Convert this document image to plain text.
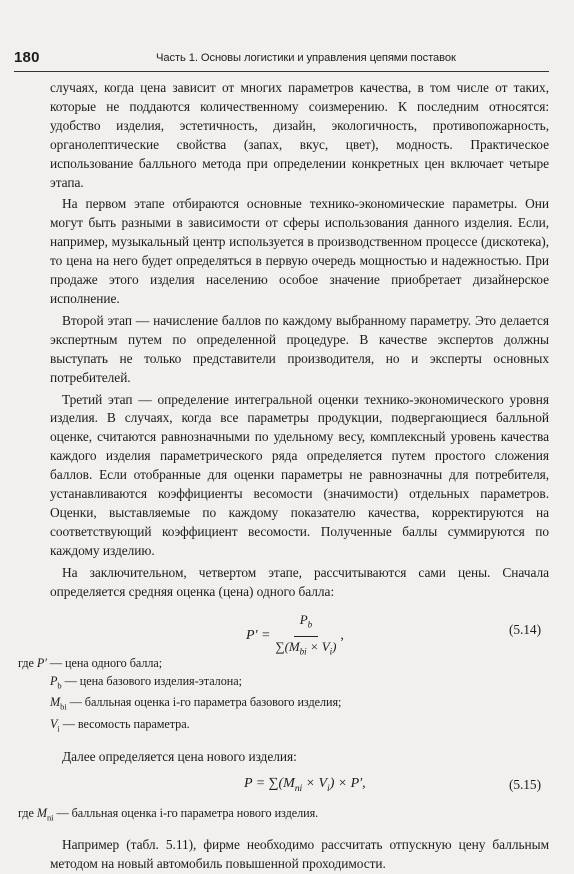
180	Часть 1. Основы логистики и управления цепями поставок

случаях, когда цена зависит от многих параметров качества, в том числе от таких, которые не поддаются количественному соизмерению. К последним относятся: удобство изделия, эстетичность, дизайн, экологичность, противопожарность, органолептические свойства (запах, вкус, цвет), модность. Практическое использование балльного метода при определении конкретных цен включает четыре этапа.

На первом этапе отбираются основные технико-экономические параметры. Они могут быть разными в зависимости от сферы использования данного изделия. Если, например, музыкальный центр используется в производственном процессе (дискотека), то цена на него будет определяться в первую очередь мощностью и надежностью. При продаже этого изделия населению особое значение приобретает дизайнерское исполнение.

Второй этап — начисление баллов по каждому выбранному параметру. Это делается экспертным путем по определенной процедуре. В качестве экспертов должны выступать не только представители производителя, но и эксперты основных потребителей.

Третий этап — определение интегральной оценки технико-экономического уровня изделия. В случаях, когда все параметры продукции, подвергающиеся балльной оценке, считаются равнозначными по удельному весу, комплексный уровень качества каждого изделия параметрического ряда определяется путем простого сложения баллов. Если отобранные для оценки параметры не равнозначны для потребителя, устанавливаются коэффициенты весомости (значимости) отдельных параметров. Оценки, выставляемые по каждому показателю качества, корректируются на соответствующий коэффициент весомости. Полученные баллы суммируются по каждому изделию.

На заключительном, четвертом этапе, рассчитываются сами цены. Сначала определяется средняя оценка (цена) одного балла:

$P' = \frac{P_b}{\sum(M_{bi} \times V_i)}$ ,	(5.14)
где P′ — цена одного балла;
$P_b$ — цена базового изделия-эталона;
$M_{bi}$ — балльная оценка i-го параметра базового изделия;
$V_i$ — весомость параметра.

Далее определяется цена нового изделия:

$P = \sum(M_{ni} \times V_i) \times P'$,	(5.15)
где $M_{ni}$ — балльная оценка i-го параметра нового изделия.

Например (табл. 5.11), фирме необходимо рассчитать отпускную цену балльным методом на новый автомобиль повышенной проходимости.
